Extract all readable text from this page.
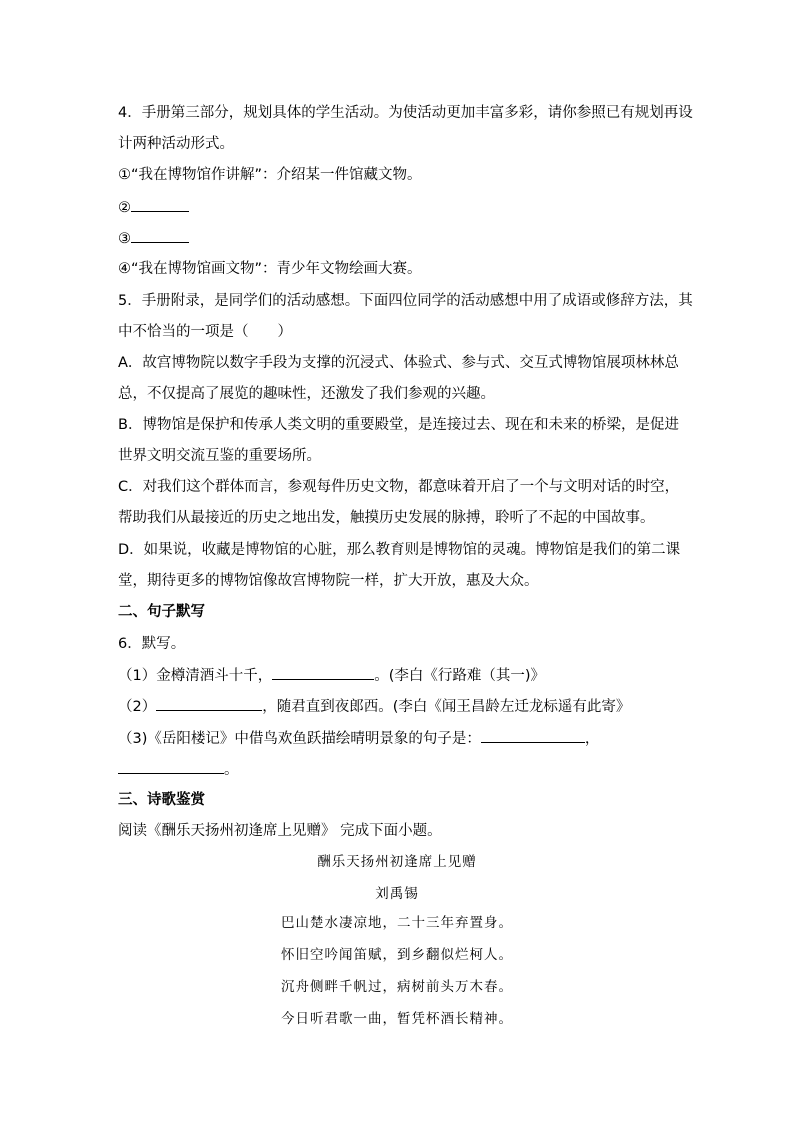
4．手册第三部分，规划具体的学生活动。为使活动更加丰富多彩，请你参照已有规划再设
计两种活动形式。
①“我在博物馆作讲解”：介绍某一件馆藏文物。
②
③
④“我在博物馆画文物”：青少年文物绘画大赛。
5．手册附录，是同学们的活动感想。下面四位同学的活动感想中用了成语或修辞方法，其
中不恰当的一项是（　　）
A．故宫博物院以数字手段为支撑的沉浸式、体验式、参与式、交互式博物馆展项林林总
总，不仅提高了展览的趣味性，还激发了我们参观的兴趣。
B．博物馆是保护和传承人类文明的重要殿堂，是连接过去、现在和未来的桥梁，是促进
世界文明交流互鉴的重要场所。
C．对我们这个群体而言，参观每件历史文物，都意味着开启了一个与文明对话的时空，
帮助我们从最接近的历史之地出发，触摸历史发展的脉搏，聆听了不起的中国故事。
D．如果说，收藏是博物馆的心脏，那么教育则是博物馆的灵魂。博物馆是我们的第二课
堂，期待更多的博物馆像故宫博物院一样，扩大开放，惠及大众。
二、句子默写
6．默写。
（1）金樽清酒斗十千，	。(李白《行路难（其一)》
（2）	，随君直到夜郎西。(李白《闻王昌龄左迁龙标遥有此寄》
（3)《岳阳楼记》中借鸟欢鱼跃描绘晴明景象的句子是：	，
。
三、诗歌鉴赏
阅读《酬乐天扬州初逢席上见赠》 完成下面小题。
酬乐天扬州初逢席上见赠
刘禹锡
巴山楚水凄凉地，二十三年弃置身。
怀旧空吟闻笛赋，到乡翻似烂柯人。
沉舟侧畔千帆过，病树前头万木春。
今日听君歌一曲，暂凭杯酒长精神。
